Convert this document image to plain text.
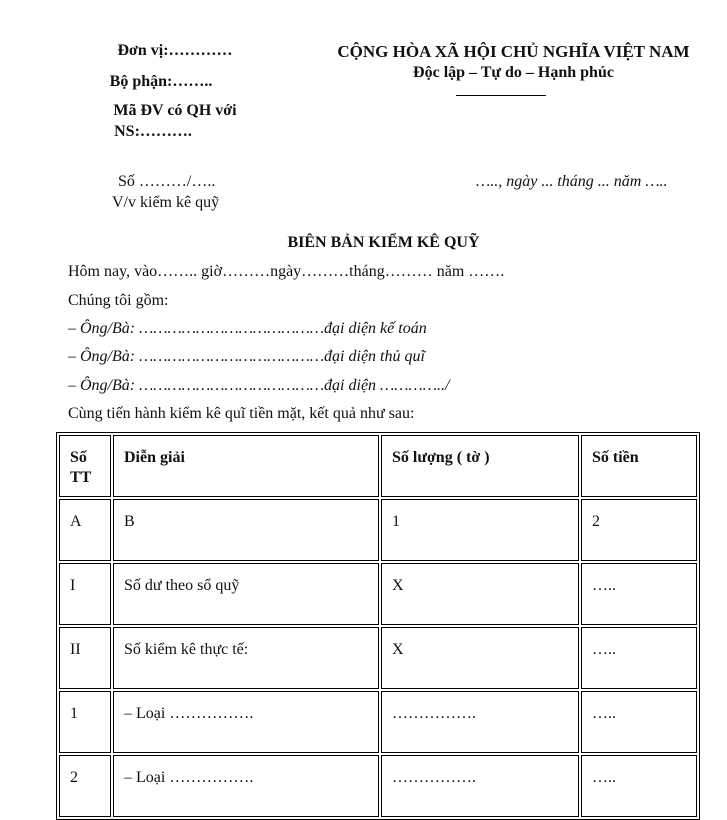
Đơn vị:…………
Bộ phận:……..
Mã ĐV có QH với
NS:……….
CỘNG HÒA XÃ HỘI CHỦ NGHĨA VIỆT NAM
Độc lập – Tự do – Hạnh phúc
Số ………/…..
V/v kiểm kê quỹ
….., ngày ... tháng ... năm …..
BIÊN BẢN KIỂM KÊ QUỸ
Hôm nay, vào…….. giờ………ngày………tháng……… năm …….
Chúng tôi gồm:
– Ông/Bà: …………………………………đại diện kế toán
– Ông/Bà: …………………………………đại diện thủ quĩ
– Ông/Bà: …………………………………đại diện …………../
Cùng tiến hành kiểm kê quĩ tiền mặt, kết quả như sau:
Số TT	Diễn giải	Số lượng ( tờ )	Số tiền
A	B	1	2
I	Số dư theo sổ quỹ	X	…..
II	Số kiểm kê thực tế:	X	…..
1	– Loại …………….	…………….	…..
2	– Loại …………….	…………….	…..
